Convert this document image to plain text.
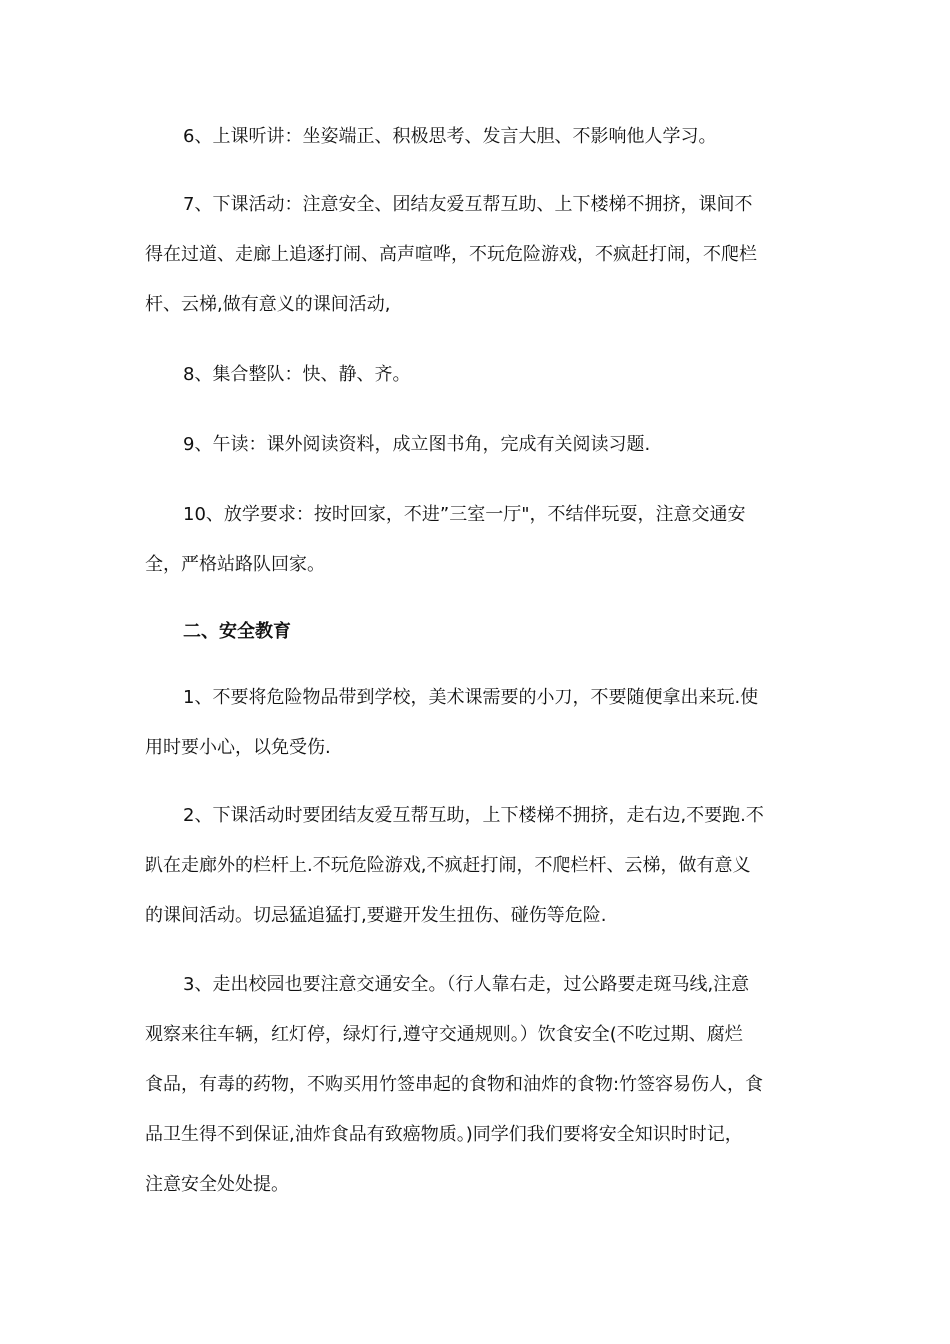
6、上课听讲：坐姿端正、积极思考、发言大胆、不影响他人学习。

7、下课活动：注意安全、团结友爱互帮互助、上下楼梯不拥挤，课间不
得在过道、走廊上追逐打闹、高声喧哗，不玩危险游戏，不疯赶打闹，不爬栏
杆、云梯,做有意义的课间活动,

8、集合整队：快、静、齐。

9、午读：课外阅读资料，成立图书角，完成有关阅读习题.

10、放学要求：按时回家，不进”三室一厅"，不结伴玩耍，注意交通安
全，严格站路队回家。

二、安全教育

1、不要将危险物品带到学校，美术课需要的小刀，不要随便拿出来玩.使
用时要小心，以免受伤.

2、下课活动时要团结友爱互帮互助，上下楼梯不拥挤，走右边,不要跑.不
趴在走廊外的栏杆上.不玩危险游戏,不疯赶打闹，不爬栏杆、云梯，做有意义
的课间活动。切忌猛追猛打,要避开发生扭伤、碰伤等危险.

3、走出校园也要注意交通安全。（行人靠右走，过公路要走斑马线,注意
观察来往车辆，红灯停，绿灯行,遵守交通规则。）饮食安全(不吃过期、腐烂
食品，有毒的药物，不购买用竹签串起的食物和油炸的食物:竹签容易伤人，食
品卫生得不到保证,油炸食品有致癌物质。)同学们我们要将安全知识时时记，
注意安全处处提。
